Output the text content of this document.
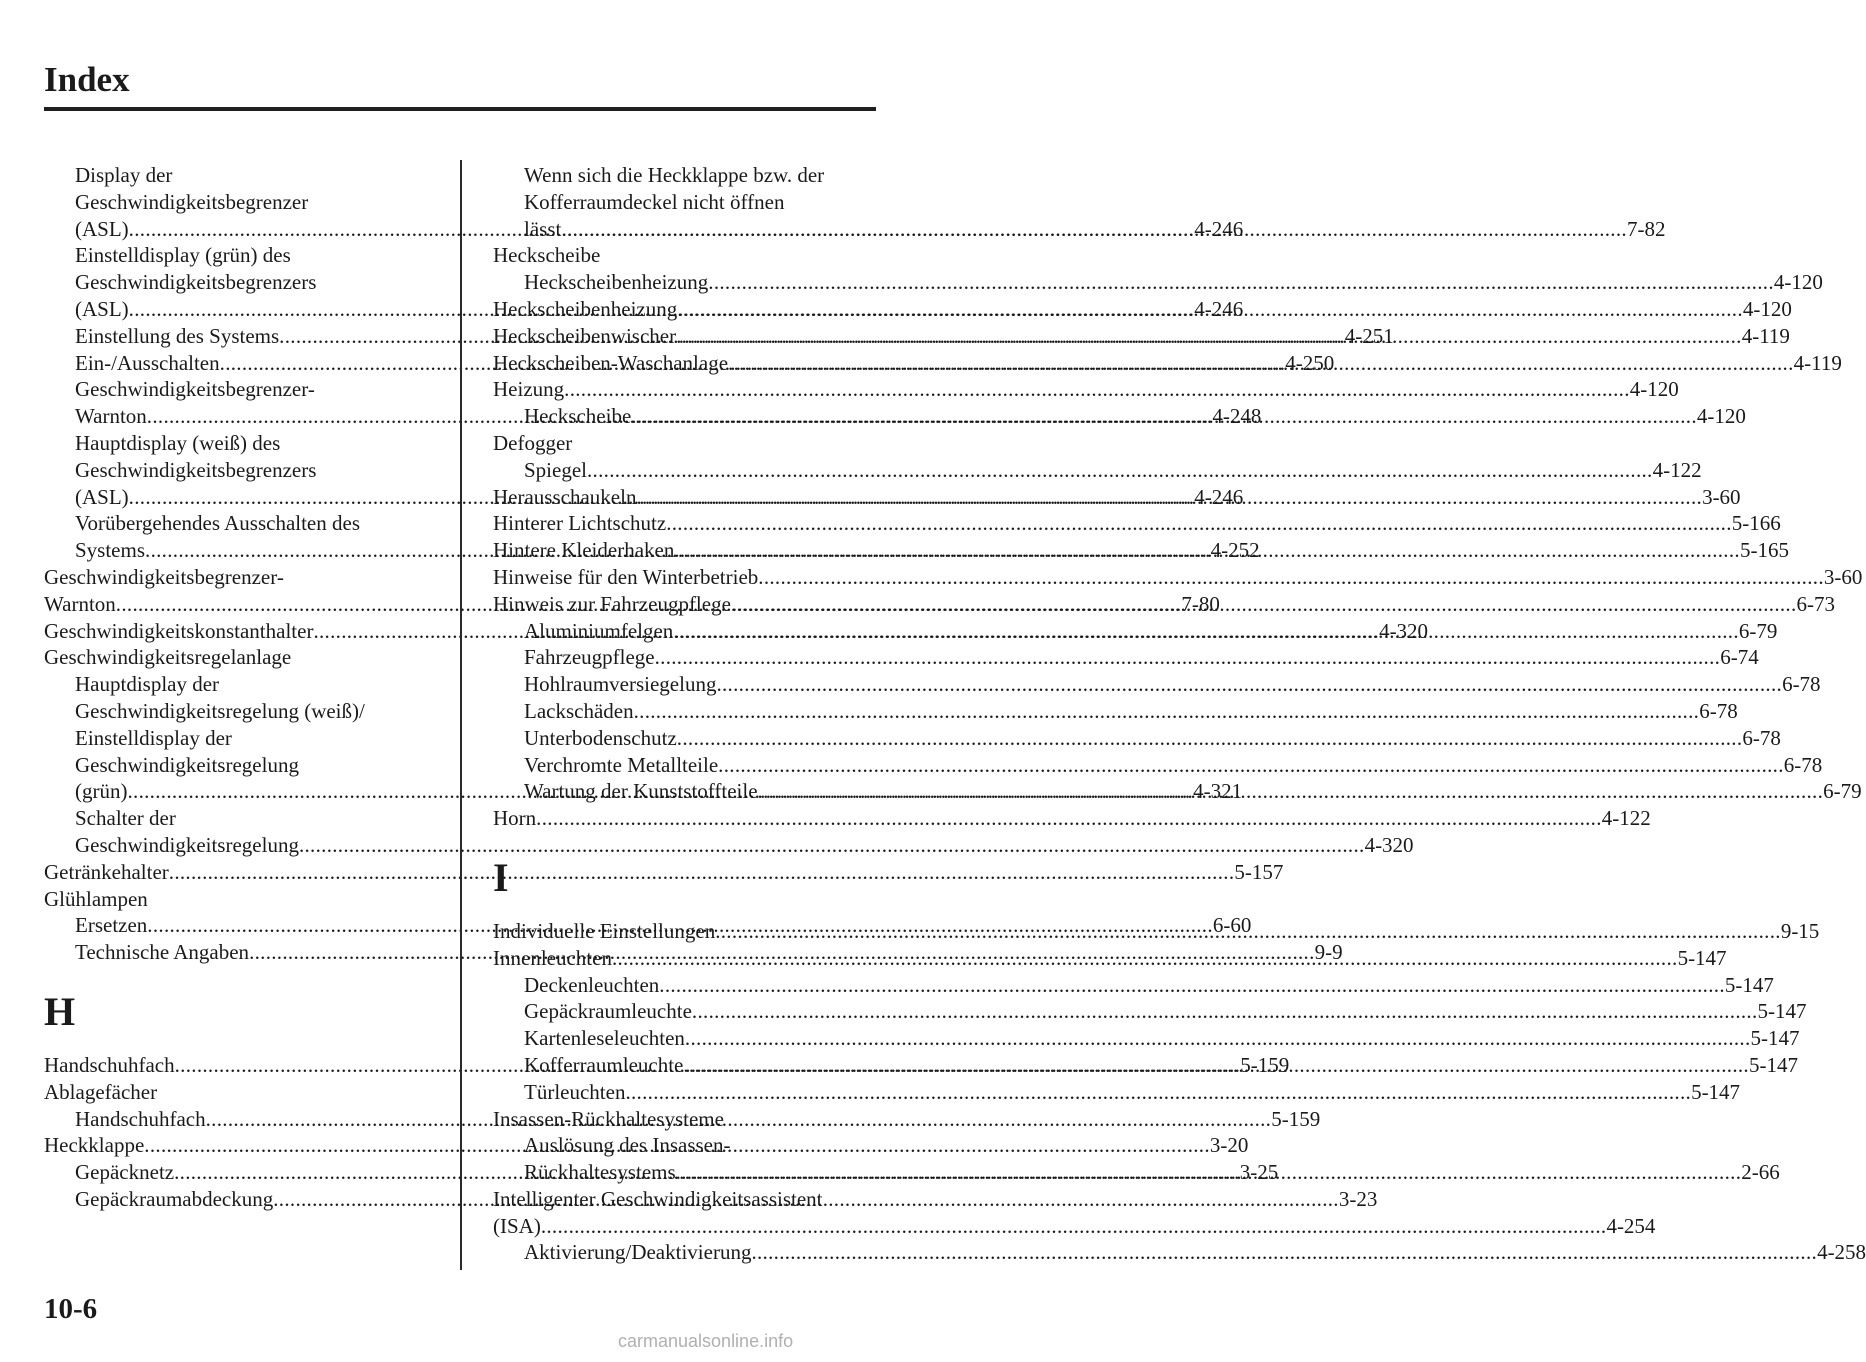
Index
Display der
Geschwindigkeitsbegrenzer
(ASL) .....	4-246
Einstelldisplay (grün) des
Geschwindigkeitsbegrenzers
(ASL) .....	4-246
Einstellung des Systems .....	4-251
Ein-/Ausschalten .....	4-250
Geschwindigkeitsbegrenzer-
Warnton .....	4-248
Hauptdisplay (weiß) des
Geschwindigkeitsbegrenzers
(ASL) .....	4-246
Vorübergehendes Ausschalten des
Systems .....	4-252
Geschwindigkeitsbegrenzer-
Warnton .....	7-80
Geschwindigkeitskonstanthalter .....	4-320
Geschwindigkeitsregelanlage
Hauptdisplay der
Geschwindigkeitsregelung (weiß)/
Einstelldisplay der
Geschwindigkeitsregelung
(grün) .....	4-321
Schalter der
Geschwindigkeitsregelung .....	4-320
Getränkehalter .....	5-157
Glühlampen
Ersetzen .....	6-60
Technische Angaben .....	9-9
H
Handschuhfach .....	5-159
Ablagefächer
Handschuhfach .....	5-159
Heckklappe .....	3-20
Gepäcknetz .....	3-25
Gepäckraumabdeckung .....	3-23
Wenn sich die Heckklappe bzw. der
Kofferraumdeckel nicht öffnen
lässt .....	7-82
Heckscheibe
Heckscheibenheizung .....	4-120
Heckscheibenheizung .....	4-120
Heckscheibenwischer .....	4-119
Heckscheiben-Waschanlage .....	4-119
Heizung .....	4-120
Heckscheibe .....	4-120
Defogger
Spiegel .....	4-122
Herausschaukeln .....	3-60
Hinterer Lichtschutz .....	5-166
Hintere Kleiderhaken .....	5-165
Hinweise für den Winterbetrieb .....	3-60
Hinweis zur Fahrzeugpflege .....	6-73
Aluminiumfelgen .....	6-79
Fahrzeugpflege .....	6-74
Hohlraumversiegelung .....	6-78
Lackschäden .....	6-78
Unterbodenschutz .....	6-78
Verchromte Metallteile .....	6-78
Wartung der Kunststoffteile .....	6-79
Horn .....	4-122
I
Individuelle Einstellungen .....	9-15
Innenleuchten .....	5-147
Deckenleuchten .....	5-147
Gepäckraumleuchte .....	5-147
Kartenleseleuchten .....	5-147
Kofferraumleuchte .....	5-147
Türleuchten .....	5-147
Insassen-Rückhaltesysteme
Auslösung des Insassen-
Rückhaltesystems .....	2-66
Intelligenter Geschwindigkeitsassistent
(ISA) .....	4-254
Aktivierung/Deaktivierung .....	4-258
10-6
carmanualsonline.info
